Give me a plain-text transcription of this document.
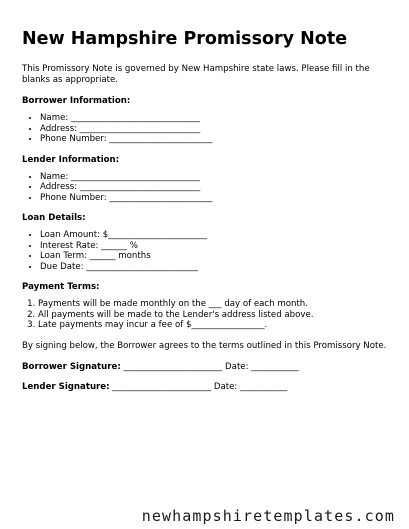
New Hampshire Promissory Note

This Promissory Note is governed by New Hampshire state laws. Please fill in the blanks as appropriate.

Borrower Information:
• Name: ______________________________
• Address: ____________________________
• Phone Number: ________________________
Lender Information:
• Name: ______________________________
• Address: ____________________________
• Phone Number: ________________________
Loan Details:
• Loan Amount: $_______________________
• Interest Rate: ______ %
• Loan Term: ______ months
• Due Date: __________________________
Payment Terms:
1. Payments will be made monthly on the ___ day of each month.
2. All payments will be made to the Lender's address listed above.
3. Late payments may incur a fee of $_________________.

By signing below, the Borrower agrees to the terms outlined in this Promissory Note.

Borrower Signature: _______________________ Date: ___________

Lender Signature: _______________________ Date: ___________

newhampshiretemplates.com
